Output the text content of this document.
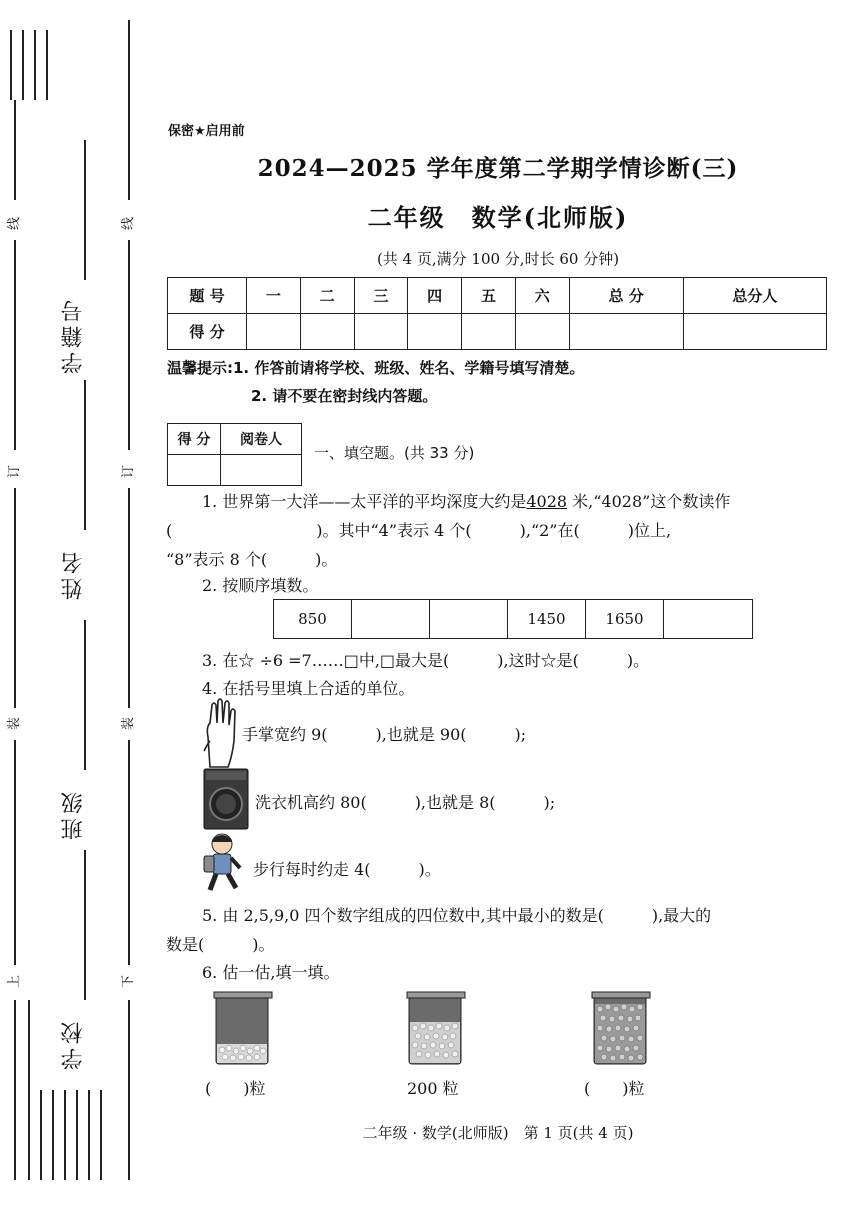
线
订
装
上
学籍号
姓名
班级
学校
线
订
装
下
保密★启用前
2024—2025 学年度第二学期学情诊断(三)
二年级　数学(北师版)
(共 4 页,满分 100 分,时长 60 分钟)
题 号	一	二	三	四	五	六	总 分	总分人
得 分								
温馨提示:1. 作答前请将学校、班级、姓名、学籍号填写清楚。
2. 请不要在密封线内答题。
得 分	阅卷人

一、填空题。(共 33 分)
1. 世界第一大洋——太平洋的平均深度大约是4028 米,“4028”这个数读作
(　　　　　　　　　)。其中“4”表示 4 个(　　　),“2”在(　　　)位上,
“8”表示 8 个(　　　)。
2. 按顺序填数。
850			1450	1650	
3. 在☆ ÷6 =7……□中,□最大是(　　　),这时☆是(　　　)。
4. 在括号里填上合适的单位。
手掌宽约 9(　　　),也就是 90(　　　);
洗衣机高约 80(　　　),也就是 8(　　　);
步行每时约走 4(　　　)。
5. 由 2,5,9,0 四个数字组成的四位数中,其中最小的数是(　　　),最大的
数是(　　　)。
6. 估一估,填一填。
(　　)粒	200 粒	(　　)粒
二年级 · 数学(北师版)　第 1 页(共 4 页)
